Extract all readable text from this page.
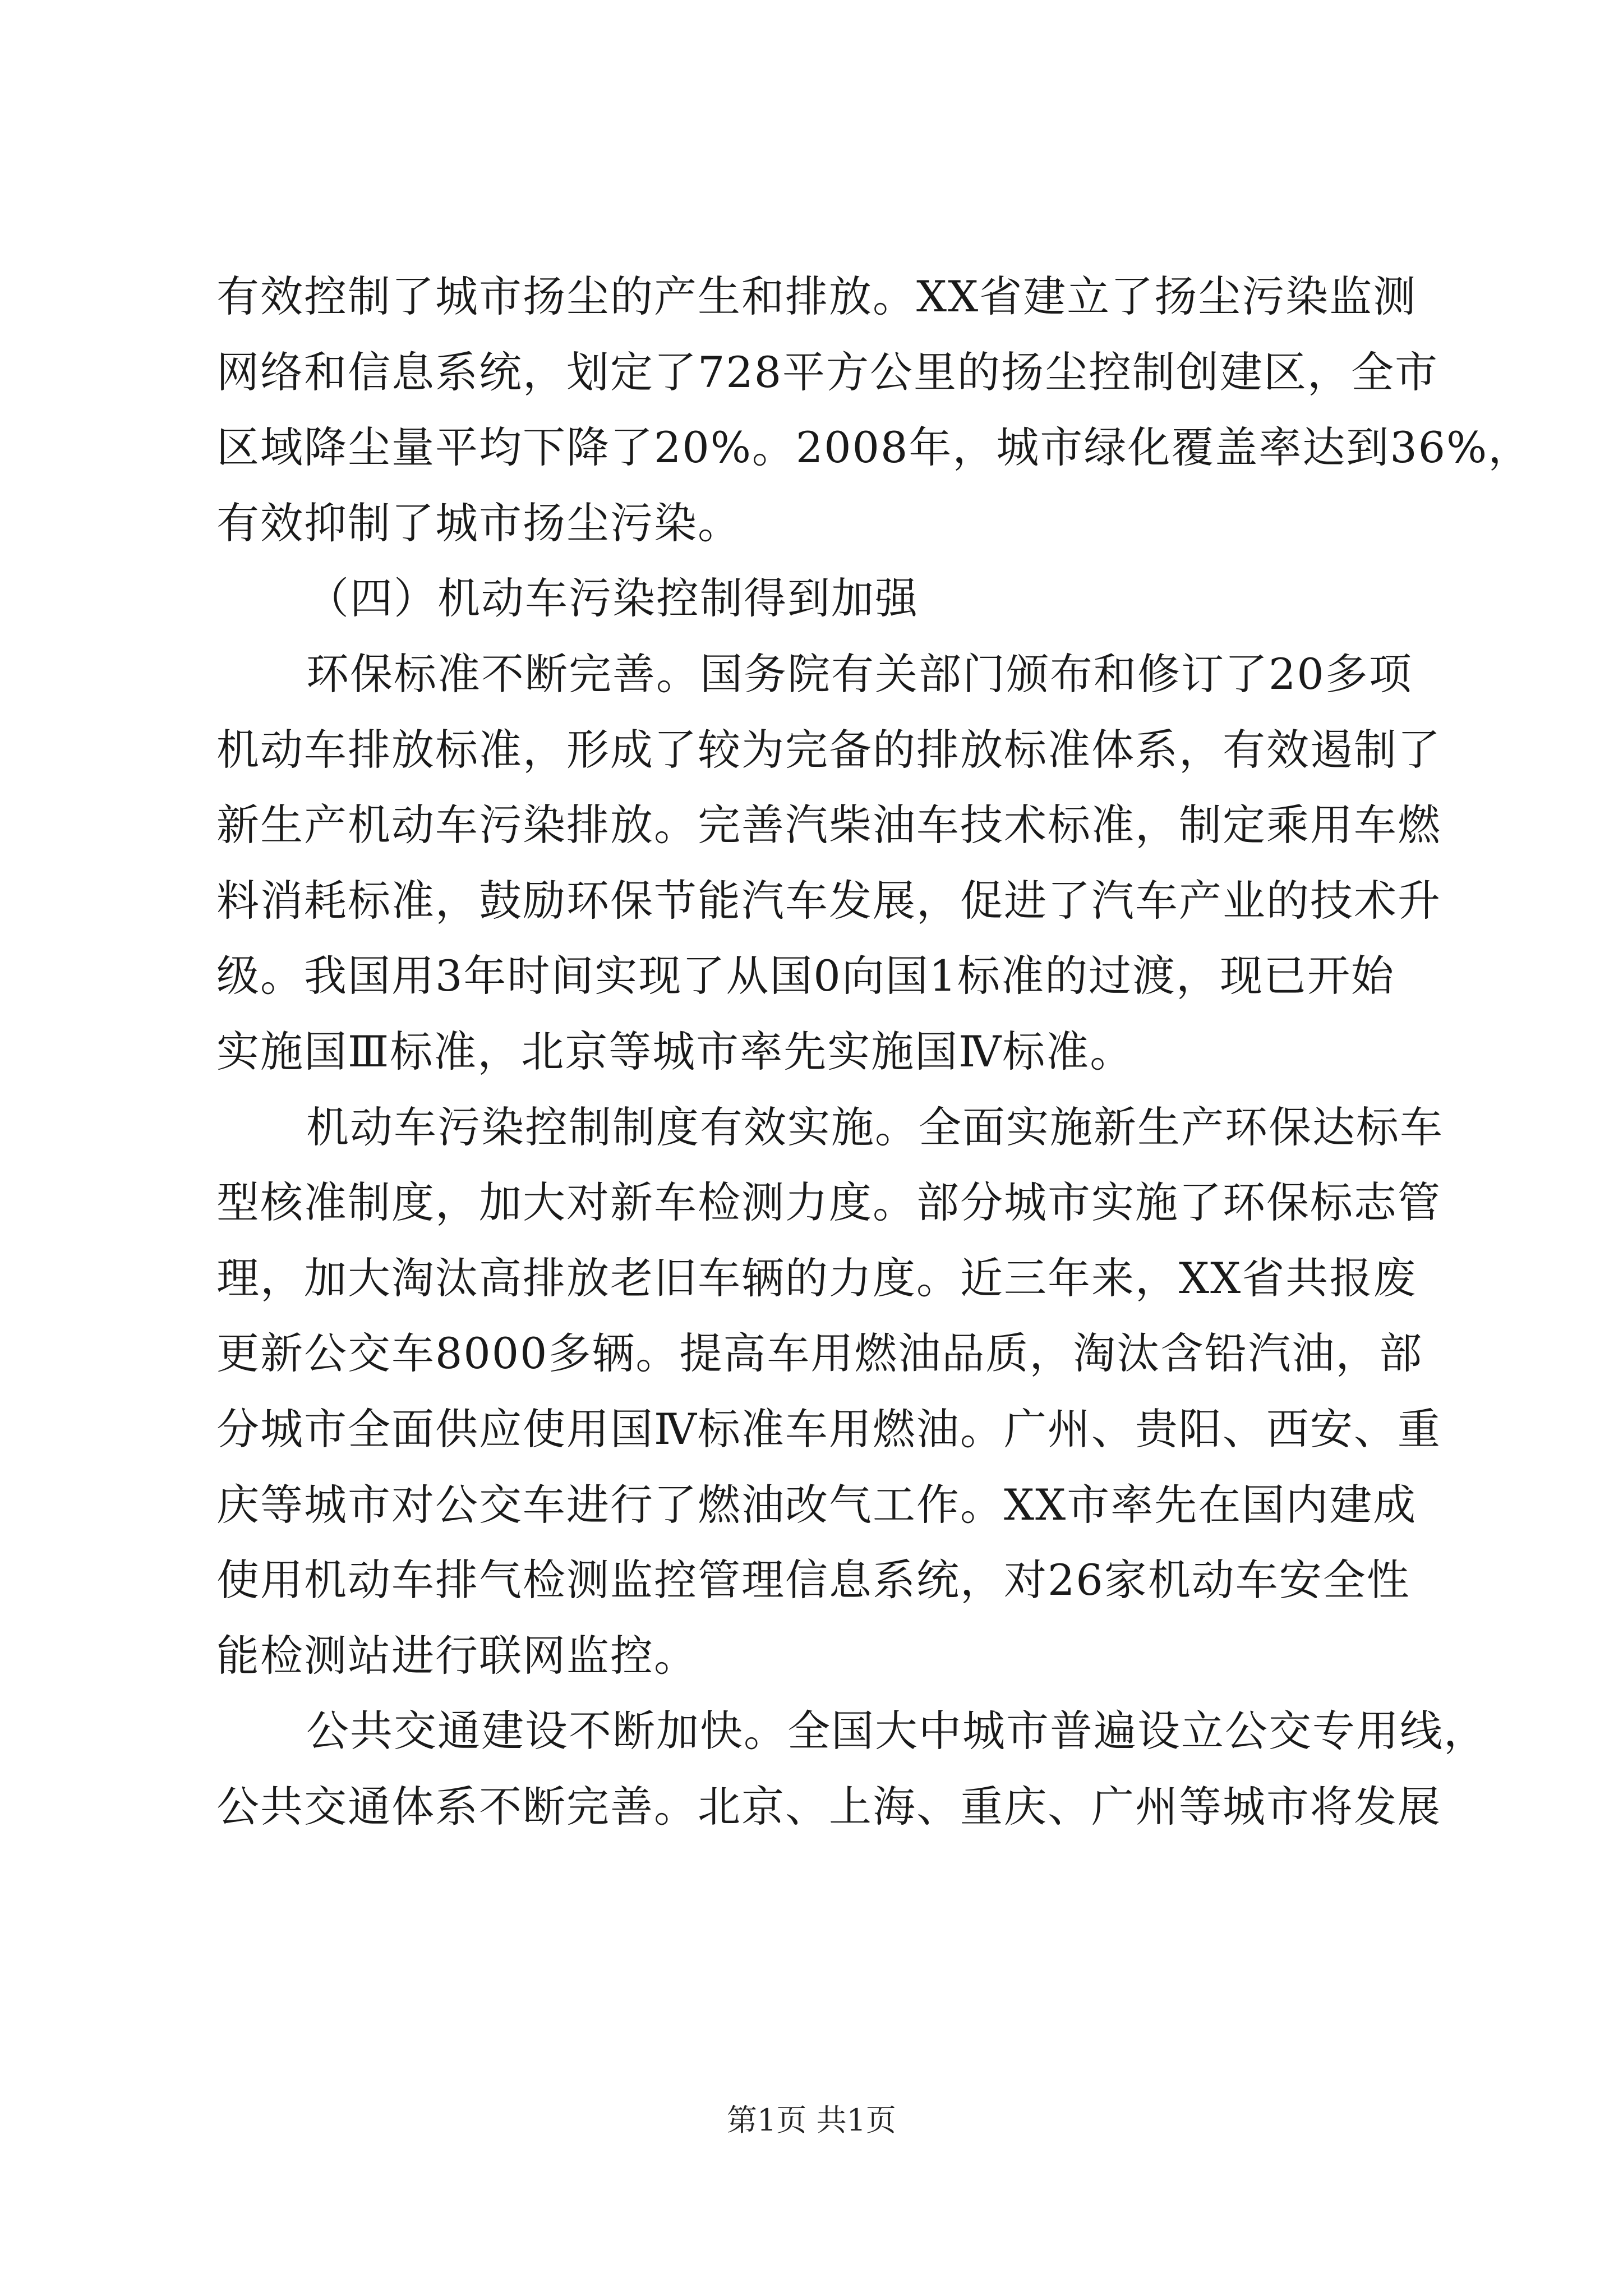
有效控制了城市扬尘的产生和排放。XX省建立了扬尘污染监测
网络和信息系统，划定了728平方公里的扬尘控制创建区，全市
区域降尘量平均下降了20%。2008年，城市绿化覆盖率达到36%，
有效抑制了城市扬尘污染。
（四）机动车污染控制得到加强
环保标准不断完善。国务院有关部门颁布和修订了20多项
机动车排放标准，形成了较为完备的排放标准体系，有效遏制了
新生产机动车污染排放。完善汽柴油车技术标准，制定乘用车燃
料消耗标准，鼓励环保节能汽车发展，促进了汽车产业的技术升
级。我国用3年时间实现了从国0向国1标准的过渡，现已开始
实施国Ⅲ标准，北京等城市率先实施国Ⅳ标准。
机动车污染控制制度有效实施。全面实施新生产环保达标车
型核准制度，加大对新车检测力度。部分城市实施了环保标志管
理，加大淘汰高排放老旧车辆的力度。近三年来，XX省共报废
更新公交车8000多辆。提高车用燃油品质，淘汰含铅汽油，部
分城市全面供应使用国Ⅳ标准车用燃油。广州、贵阳、西安、重
庆等城市对公交车进行了燃油改气工作。XX市率先在国内建成
使用机动车排气检测监控管理信息系统，对26家机动车安全性
能检测站进行联网监控。
公共交通建设不断加快。全国大中城市普遍设立公交专用线，
公共交通体系不断完善。北京、上海、重庆、广州等城市将发展
第1页 共1页
